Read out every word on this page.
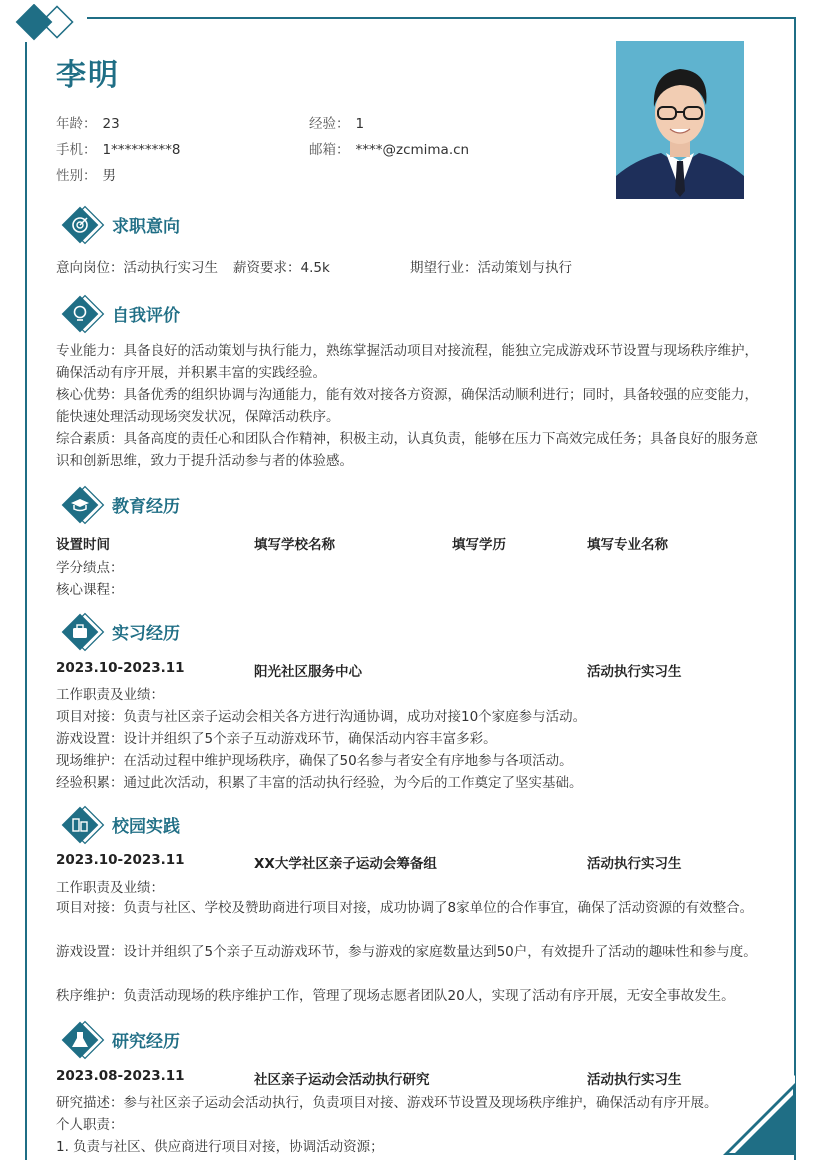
李明
年龄： 23	经验： 1
手机： 1*********8	邮箱： ****@zcmima.cn
性别： 男
求职意向
意向岗位：活动执行实习生 薪资要求：4.5k	期望行业：活动策划与执行
自我评价
专业能力：具备良好的活动策划与执行能力，熟练掌握活动项目对接流程，能独立完成游戏环节设置与现场秩序维护，确保活动有序开展，并积累丰富的实践经验。
核心优势：具备优秀的组织协调与沟通能力，能有效对接各方资源，确保活动顺利进行；同时，具备较强的应变能力，能快速处理活动现场突发状况，保障活动秩序。
综合素质：具备高度的责任心和团队合作精神，积极主动，认真负责，能够在压力下高效完成任务；具备良好的服务意识和创新思维，致力于提升活动参与者的体验感。
教育经历
设置时间	填写学校名称	填写学历	填写专业名称
学分绩点：
核心课程：
实习经历
2023.10-2023.11	阳光社区服务中心	活动执行实习生
工作职责及业绩：
项目对接：负责与社区亲子运动会相关各方进行沟通协调，成功对接10个家庭参与活动。
游戏设置：设计并组织了5个亲子互动游戏环节，确保活动内容丰富多彩。
现场维护：在活动过程中维护现场秩序，确保了50名参与者安全有序地参与各项活动。
经验积累：通过此次活动，积累了丰富的活动执行经验，为今后的工作奠定了坚实基础。
校园实践
2023.10-2023.11	XX大学社区亲子运动会筹备组	活动执行实习生
工作职责及业绩：
项目对接：负责与社区、学校及赞助商进行项目对接，成功协调了8家单位的合作事宜，确保了活动资源的有效整合。
游戏设置：设计并组织了5个亲子互动游戏环节，参与游戏的家庭数量达到50户，有效提升了活动的趣味性和参与度。
秩序维护：负责活动现场的秩序维护工作，管理了现场志愿者团队20人，实现了活动有序开展，无安全事故发生。
研究经历
2023.08-2023.11	社区亲子运动会活动执行研究	活动执行实习生
研究描述：参与社区亲子运动会活动执行，负责项目对接、游戏环节设置及现场秩序维护，确保活动有序开展。
个人职责：
1. 负责与社区、供应商进行项目对接，协调活动资源；
